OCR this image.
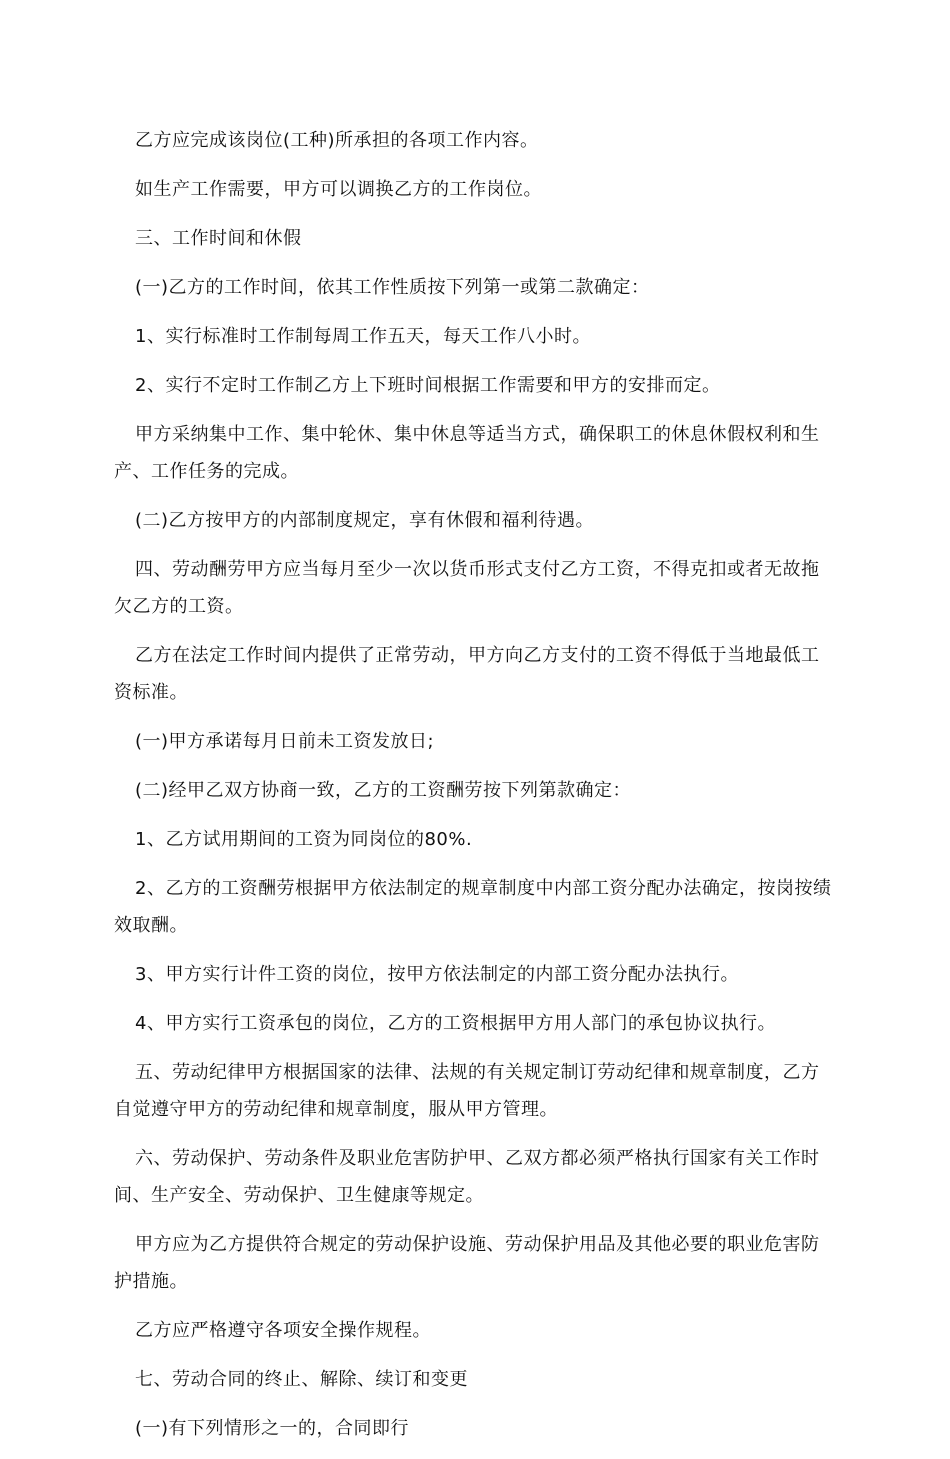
乙方应完成该岗位(工种)所承担的各项工作内容。

如生产工作需要，甲方可以调换乙方的工作岗位。

三、工作时间和休假

(一)乙方的工作时间，依其工作性质按下列第一或第二款确定：

1、实行标准时工作制每周工作五天，每天工作八小时。

2、实行不定时工作制乙方上下班时间根据工作需要和甲方的安排而定。

甲方采纳集中工作、集中轮休、集中休息等适当方式，确保职工的休息休假权利和生产、工作任务的完成。

(二)乙方按甲方的内部制度规定，享有休假和福利待遇。

四、劳动酬劳甲方应当每月至少一次以货币形式支付乙方工资，不得克扣或者无故拖欠乙方的工资。

乙方在法定工作时间内提供了正常劳动，甲方向乙方支付的工资不得低于当地最低工资标准。

(一)甲方承诺每月日前未工资发放日;

(二)经甲乙双方协商一致，乙方的工资酬劳按下列第款确定：

1、乙方试用期间的工资为同岗位的80%.

2、乙方的工资酬劳根据甲方依法制定的规章制度中内部工资分配办法确定，按岗按绩效取酬。

3、甲方实行计件工资的岗位，按甲方依法制定的内部工资分配办法执行。

4、甲方实行工资承包的岗位，乙方的工资根据甲方用人部门的承包协议执行。

五、劳动纪律甲方根据国家的法律、法规的有关规定制订劳动纪律和规章制度，乙方自觉遵守甲方的劳动纪律和规章制度，服从甲方管理。

六、劳动保护、劳动条件及职业危害防护甲、乙双方都必须严格执行国家有关工作时间、生产安全、劳动保护、卫生健康等规定。

甲方应为乙方提供符合规定的劳动保护设施、劳动保护用品及其他必要的职业危害防护措施。

乙方应严格遵守各项安全操作规程。

七、劳动合同的终止、解除、续订和变更

(一)有下列情形之一的，合同即行
